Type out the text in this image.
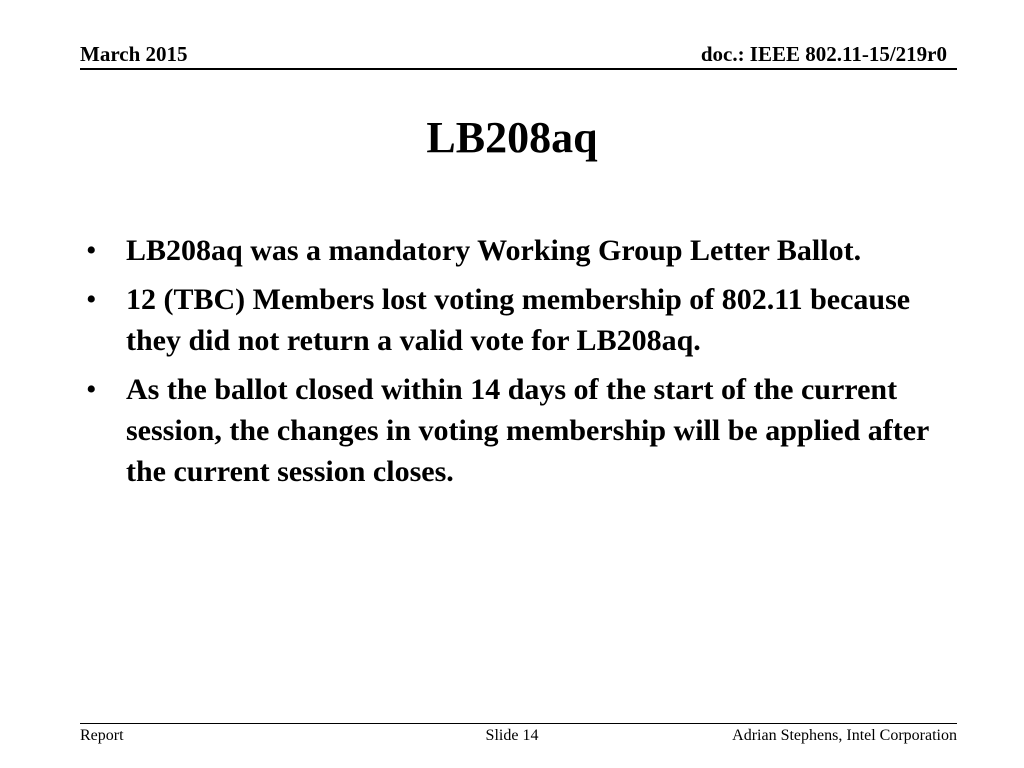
March 2015	doc.: IEEE 802.11-15/219r0
LB208aq
• LB208aq was a mandatory Working Group Letter Ballot.
• 12 (TBC) Members lost voting membership of 802.11 because they did not return a valid vote for LB208aq.
• As the ballot closed within 14 days of the start of the current session, the changes in voting membership will be applied after the current session closes.
Report	Slide 14	Adrian Stephens, Intel Corporation
